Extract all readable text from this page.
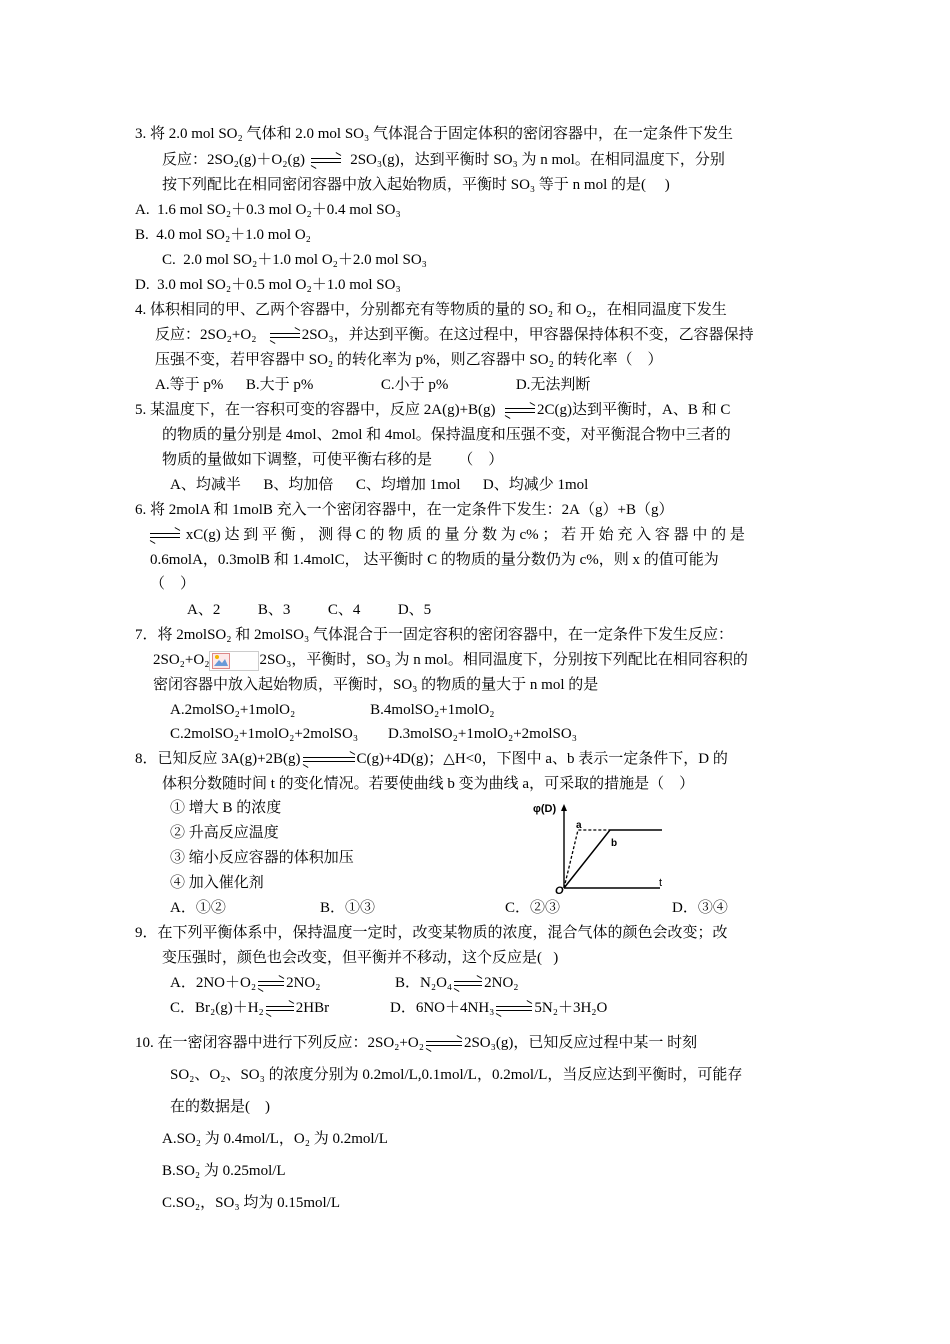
3. 将 2.0 mol SO₂ 气体和 2.0 mol SO₃ 气体混合于固定体积的密闭容器中，在一定条件下发生
反应：2SO₂(g)＋O₂(g)	2SO₃(g)，达到平衡时 SO₃ 为 n mol。在相同温度下，分别
按下列配比在相同密闭容器中放入起始物质，平衡时 SO₃ 等于 n mol 的是(     )
A.  1.6 mol SO₂＋0.3 mol O₂＋0.4 mol SO₃
B.  4.0 mol SO₂＋1.0 mol O₂
C.  2.0 mol SO₂＋1.0 mol O₂＋2.0 mol SO₃
D.  3.0 mol SO₂＋0.5 mol O₂＋1.0 mol SO₃
4. 体积相同的甲、乙两个容器中，分别都充有等物质的量的 SO₂ 和 O₂，在相同温度下发生
反应：2SO₂+O₂	2SO₃，并达到平衡。在这过程中，甲容器保持体积不变，乙容器保持
压强不变，若甲容器中 SO₂ 的转化率为 p%，则乙容器中 SO₂ 的转化率（    ）
A.等于 p%      B.大于 p%                  C.小于 p%                  D.无法判断
5. 某温度下，在一容积可变的容器中，反应 2A(g)+B(g)	2C(g)达到平衡时，A、B 和 C
的物质的量分别是 4mol、2mol 和 4mol。保持温度和压强不变，对平衡混合物中三者的
物质的量做如下调整，可使平衡右移的是       （    ）
A、均减半      B、均加倍      C、均增加 1mol      D、均减少 1mol
6. 将 2molA 和 1molB 充入一个密闭容器中，在一定条件下发生：2A（g）+B（g）
xC(g) 达 到 平 衡 ， 测 得 C 的 物 质 的 量 分 数 为 c% ； 若 开 始 充 入 容 器 中 的 是
0.6molA，0.3molB 和 1.4molC， 达平衡时 C 的物质的量分数仍为 c%，则 x 的值可能为
（    ）
A、2          B、3          C、4          D、5
7．将 2molSO₂ 和 2molSO₃ 气体混合于一固定容积的密闭容器中，在一定条件下发生反应：
2SO₂+O₂	2SO₃，平衡时，SO₃ 为 n mol。相同温度下，分别按下列配比在相同容积的
密闭容器中放入起始物质，平衡时，SO₃ 的物质的量大于 n mol 的是
A.2molSO₂+1molO₂                    B.4molSO₂+1molO₂
C.2molSO₂+1molO₂+2molSO₃        D.3molSO₂+1molO₂+2molSO₃
8．已知反应 3A(g)+2B(g)	C(g)+4D(g)；△H<0，下图中 a、b 表示一定条件下，D 的
体积分数随时间 t 的变化情况。若要使曲线 b 变为曲线 a，可采取的措施是（    ）
① 增大 B 的浓度
② 升高反应温度
③ 缩小反应容器的体积加压
④ 加入催化剂
A．①②	B．①③	C．②③	D．③④
φ(D)
a
b
O
t
9．在下列平衡体系中，保持温度一定时，改变某物质的浓度，混合气体的颜色会改变；改
变压强时，颜色也会改变，但平衡并不移动，这个反应是(   )
A．2NO＋O₂ 2NO₂	B．N₂O₄ 2NO₂
C．Br₂(g)＋H₂ 2HBr	D．6NO＋4NH₃	5N₂＋3H₂O
10. 在一密闭容器中进行下列反应：2SO₂+O₂	2SO₃(g)，已知反应过程中某一 时刻
SO₂、O₂、SO₃ 的浓度分别为 0.2mol/L,0.1mol/L，0.2mol/L，当反应达到平衡时，可能存
在的数据是(    )
A.SO₂ 为 0.4mol/L，O₂ 为 0.2mol/L
B.SO₂ 为 0.25mol/L
C.SO₂，SO₃ 均为 0.15mol/L
